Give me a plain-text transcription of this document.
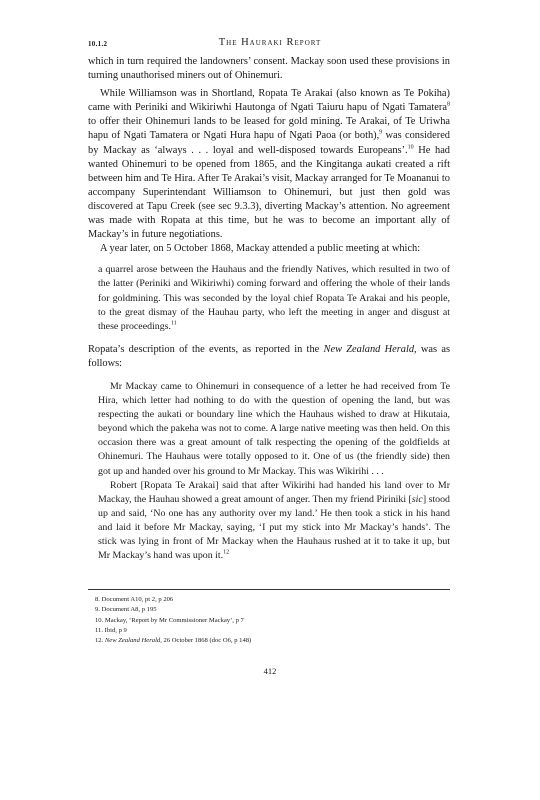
10.1.2	The Hauraki Report

which in turn required the landowners’ consent. Mackay soon used these provisions in turning unauthorised miners out of Ohinemuri.

While Williamson was in Shortland, Ropata Te Arakai (also known as Te Pokiha) came with Periniki and Wikiriwhi Hautonga of Ngati Taiuru hapu of Ngati Tamatera$^8$ to offer their Ohinemuri lands to be leased for gold mining. Te Arakai, of Te Uriwha hapu of Ngati Tamatera or Ngati Hura hapu of Ngati Paoa (or both),$^9$ was considered by Mackay as ‘always . . . loyal and well-disposed towards Europeans’.$^{10}$ He had wanted Ohinemuri to be opened from 1865, and the Kingitanga aukati created a rift between him and Te Hira. After Te Arakai’s visit, Mackay arranged for Te Moananui to accompany Superintendant Williamson to Ohinemuri, but just then gold was discovered at Tapu Creek (see sec 9.3.3), diverting Mackay’s attention. No agreement was made with Ropata at this time, but he was to become an important ally of Mackay’s in future negotiations.

A year later, on 5 October 1868, Mackay attended a public meeting at which:

a quarrel arose between the Hauhaus and the friendly Natives, which resulted in two of the latter (Periniki and Wikiriwhi) coming forward and offering the whole of their lands for goldmining. This was seconded by the loyal chief Ropata Te Arakai and his people, to the great dismay of the Hauhau party, who left the meeting in anger and disgust at these proceedings.$^{11}$

Ropata’s description of the events, as reported in the New Zealand Herald, was as follows:

Mr Mackay came to Ohinemuri in consequence of a letter he had received from Te Hira, which letter had nothing to do with the question of opening the land, but was respecting the aukati or boundary line which the Hauhaus wished to draw at Hikutaia, beyond which the pakeha was not to come. A large native meeting was then held. On this occasion there was a great amount of talk respecting the opening of the goldfields at Ohinemuri. The Hauhaus were totally opposed to it. One of us (the friendly side) then got up and handed over his ground to Mr Mackay. This was Wikirihi . . .

Robert [Ropata Te Arakai] said that after Wikirihi had handed his land over to Mr Mackay, the Hauhau showed a great amount of anger. Then my friend Piriniki [sic] stood up and said, ‘No one has any authority over my land.’ He then took a stick in his hand and laid it before Mr Mackay, saying, ‘I put my stick into Mr Mackay’s hands’. The stick was lying in front of Mr Mackay when the Hauhaus rushed at it to take it up, but Mr Mackay’s hand was upon it.$^{12}$

8. Document A10, pt 2, p 206
9. Document A8, p 195
10. Mackay, ‘Report by Mr Commissioner Mackay’, p 7
11. Ibid, p 9
12. New Zealand Herald, 26 October 1868 (doc O6, p 148)
412
